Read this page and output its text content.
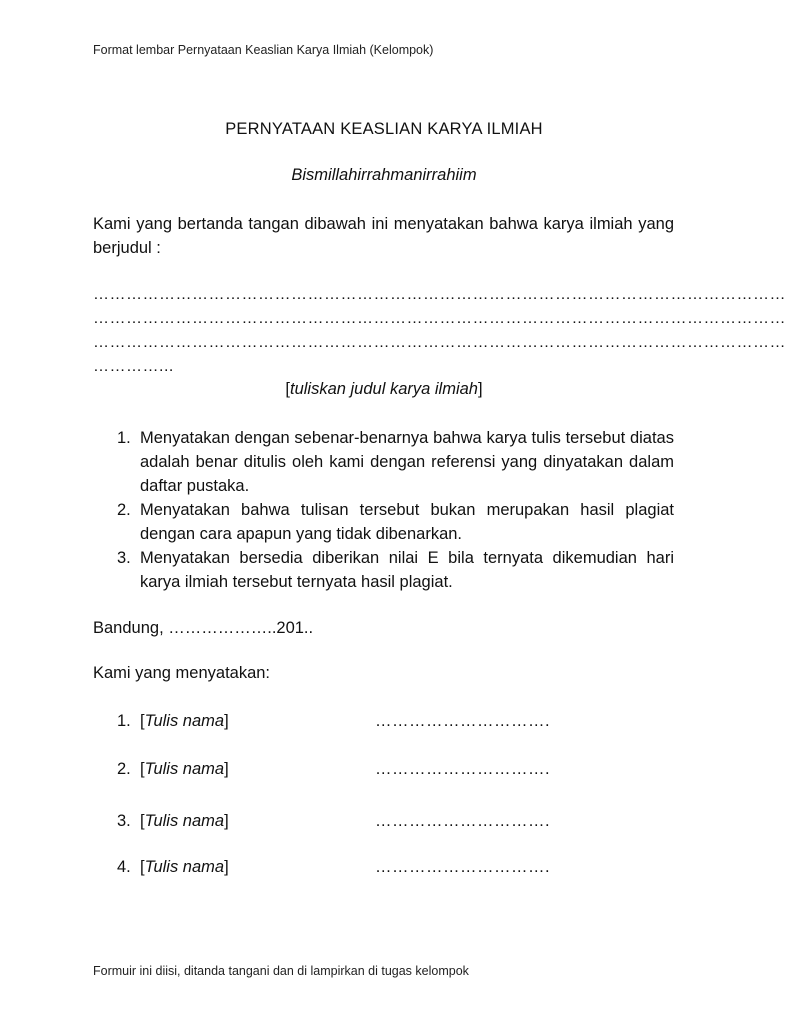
Format lembar Pernyataan Keaslian Karya Ilmiah (Kelompok)
PERNYATAAN KEASLIAN KARYA ILMIAH
Bismillahirrahmanirrahiim
Kami yang bertanda tangan dibawah ini menyatakan bahwa karya ilmiah yang berjudul :
………………………………………………………………………………………………………………
………………………………………………………………………………………………………………
………………………………………………………………………………………………………………
…………...
[tuliskan judul karya ilmiah]
1. Menyatakan dengan sebenar-benarnya bahwa karya tulis tersebut diatas adalah benar ditulis oleh kami dengan referensi yang dinyatakan dalam daftar pustaka.
2. Menyatakan bahwa tulisan tersebut bukan merupakan hasil plagiat dengan cara apapun yang tidak dibenarkan.
3. Menyatakan bersedia diberikan nilai E bila ternyata dikemudian hari karya ilmiah tersebut ternyata hasil plagiat.
Bandung, ………………..201..
Kami yang menyatakan:
1. [Tulis nama]	………………………….
2. [Tulis nama]	………………………….
3. [Tulis nama]	………………………….
4. [Tulis nama]	………………………….
Formuir ini diisi, ditanda tangani dan di lampirkan di tugas kelompok
